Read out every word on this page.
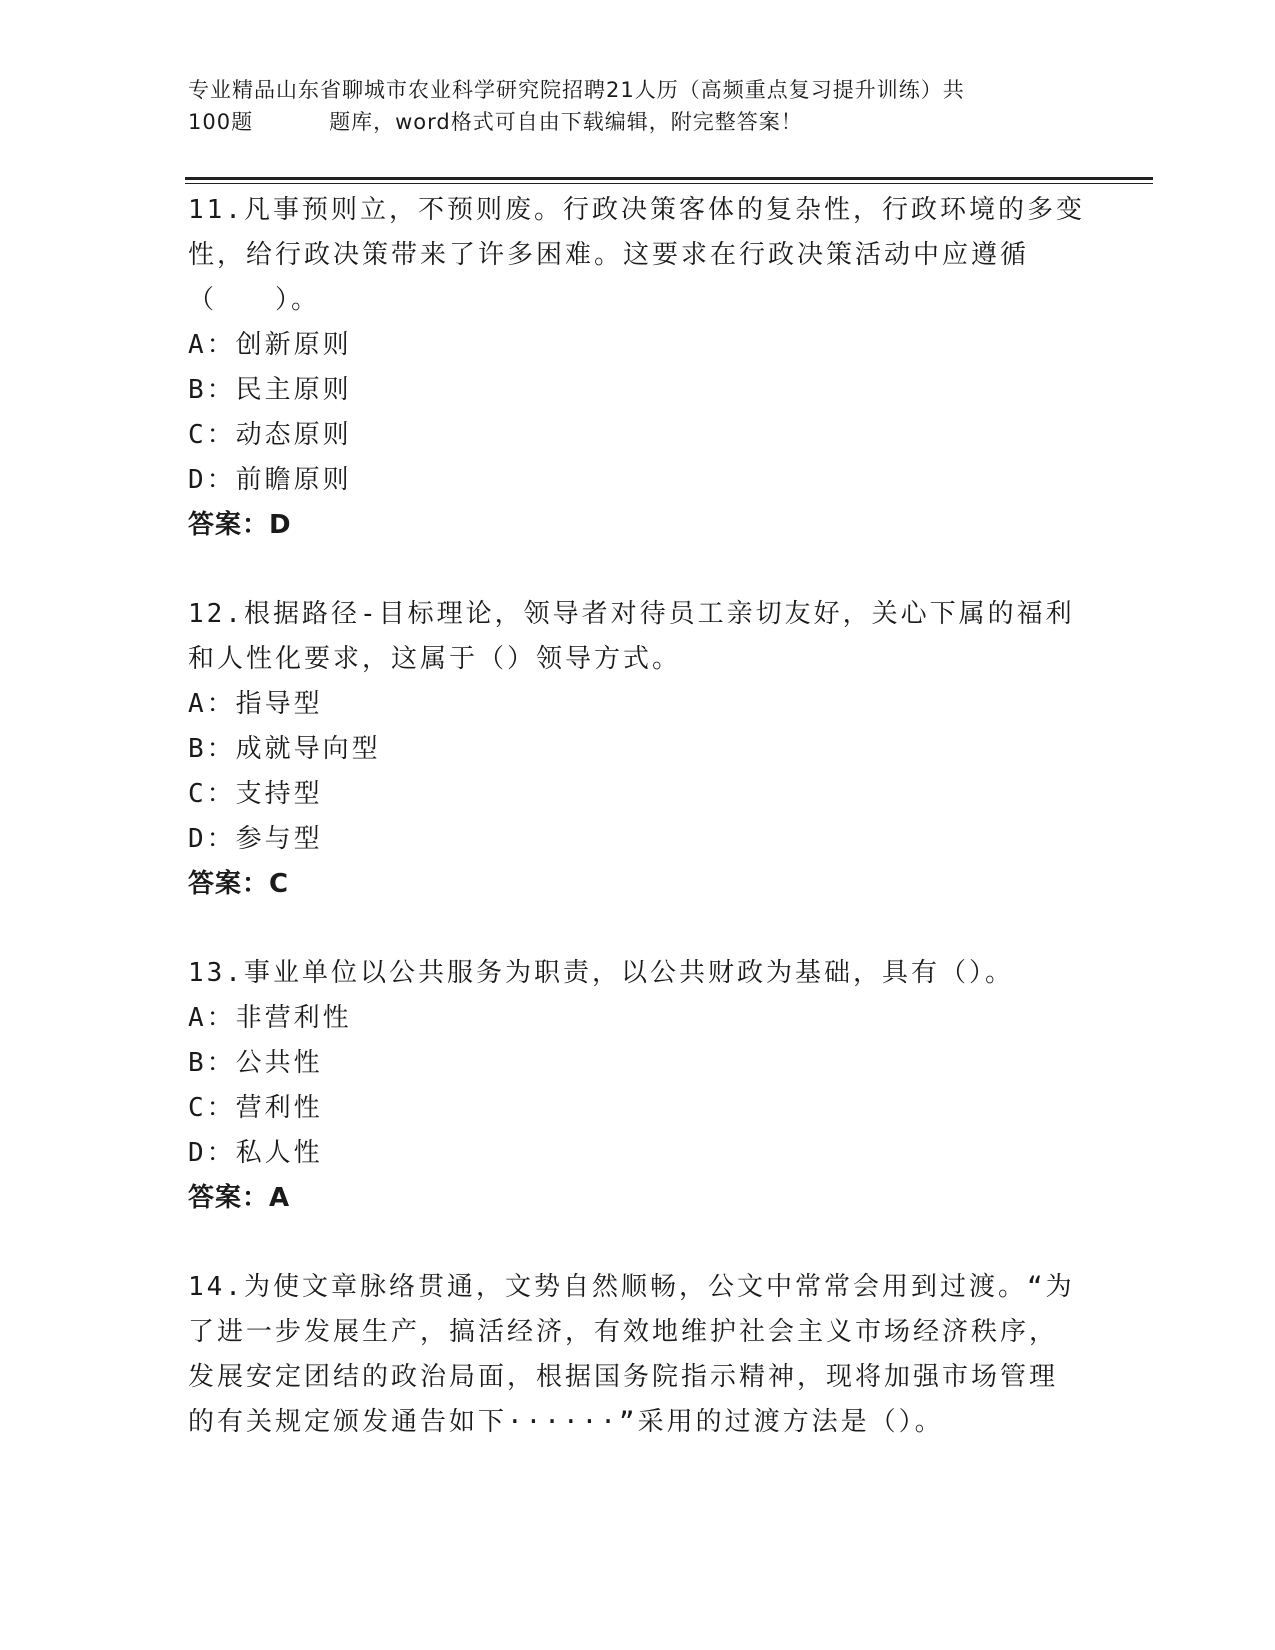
专业精品山东省聊城市农业科学研究院招聘21人历（高频重点复习提升训练）共
100题	题库，word格式可自由下载编辑，附完整答案！
11.凡事预则立，不预则废。行政决策客体的复杂性，行政环境的多变
性，给行政决策带来了许多困难。这要求在行政决策活动中应遵循
（　　）。
A：创新原则
B：民主原则
C：动态原则
D：前瞻原则
答案：D
12.根据路径-目标理论，领导者对待员工亲切友好，关心下属的福利
和人性化要求，这属于（）领导方式。
A：指导型
B：成就导向型
C：支持型
D：参与型
答案：C
13.事业单位以公共服务为职责，以公共财政为基础，具有（）。
A：非营利性
B：公共性
C：营利性
D：私人性
答案：A
14.为使文章脉络贯通，文势自然顺畅，公文中常常会用到过渡。“为
了进一步发展生产，搞活经济，有效地维护社会主义市场经济秩序，
发展安定团结的政治局面，根据国务院指示精神，现将加强市场管理
的有关规定颁发通告如下······”采用的过渡方法是（）。
